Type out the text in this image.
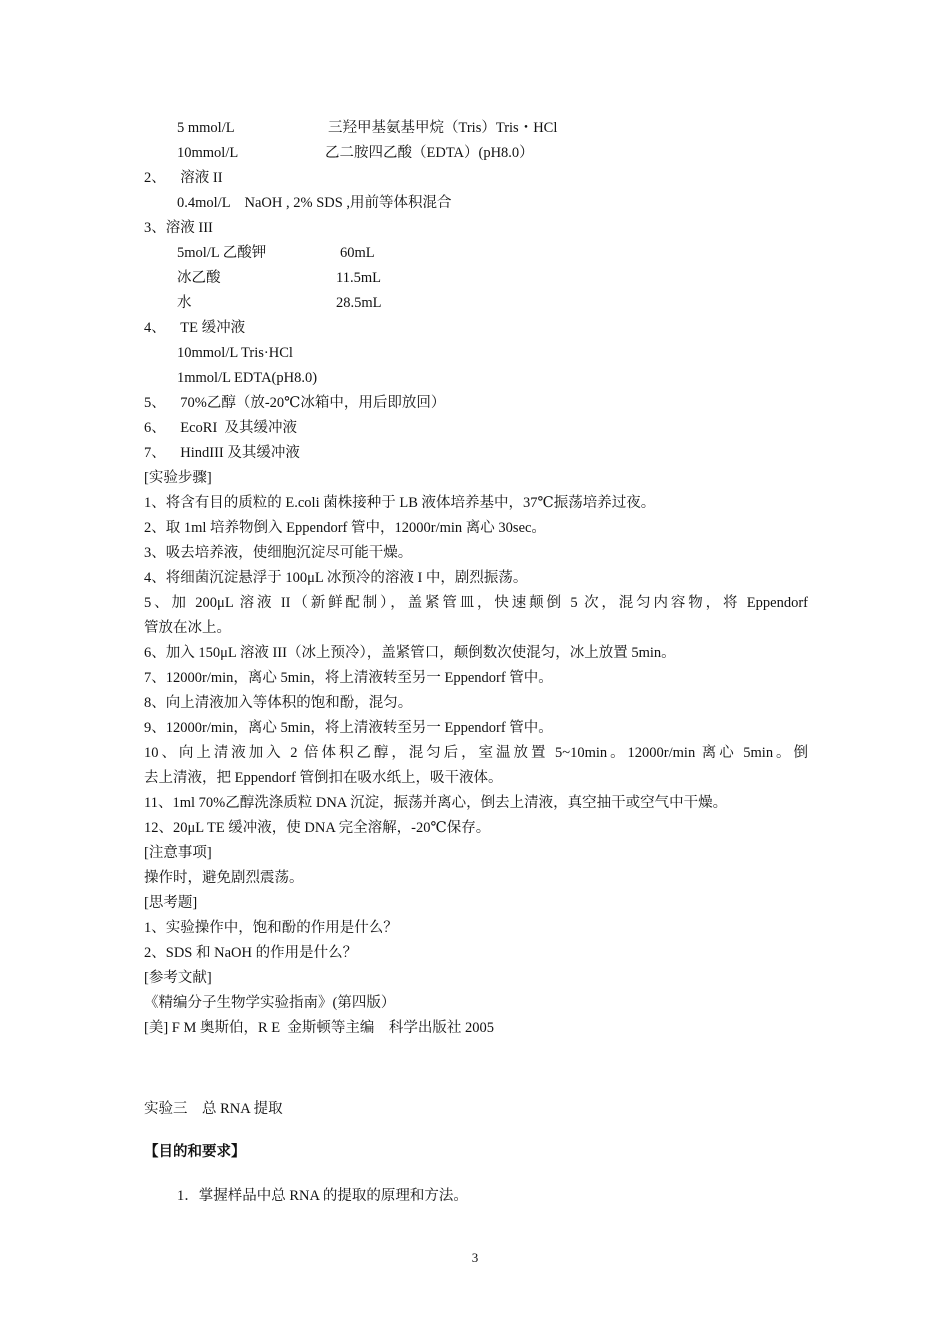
5 mmol/L	三羟甲基氨基甲烷（Tris）Tris・HCl
10mmol/L	乙二胺四乙酸（EDTA）(pH8.0）
2、    溶液 II
0.4mol/L    NaOH , 2% SDS ,用前等体积混合
3、溶液 III
5mol/L 乙酸钾	60mL
冰乙酸	11.5mL
水	28.5mL
4、    TE 缓冲液
10mmol/L Tris·HCl
1mmol/L EDTA(pH8.0)
5、    70%乙醇（放-20℃冰箱中，用后即放回）
6、    EcoRI  及其缓冲液
7、    HindIII 及其缓冲液
[实验步骤]
1、将含有目的质粒的 E.coli 菌株接种于 LB 液体培养基中，37℃振荡培养过夜。
2、取 1ml 培养物倒入 Eppendorf 管中，12000r/min 离心 30sec。
3、吸去培养液，使细胞沉淀尽可能干燥。
4、将细菌沉淀悬浮于 100μL 冰预冷的溶液 I 中，剧烈振荡。
5、加 200μL 溶液 II（新鲜配制），盖紧管皿，快速颠倒 5 次，混匀内容物，将 Eppendorf
管放在冰上。
6、加入 150μL 溶液 III（冰上预冷），盖紧管口，颠倒数次使混匀，冰上放置 5min。
7、12000r/min，离心 5min，将上清液转至另一 Eppendorf 管中。
8、向上清液加入等体积的饱和酚，混匀。
9、12000r/min，离心 5min，将上清液转至另一 Eppendorf 管中。
10、向上清液加入 2 倍体积乙醇，混匀后，室温放置 5~10min。12000r/min 离心 5min。倒
去上清液，把 Eppendorf 管倒扣在吸水纸上，吸干液体。
11、1ml 70%乙醇洗涤质粒 DNA 沉淀，振荡并离心，倒去上清液，真空抽干或空气中干燥。
12、20μL TE 缓冲液，使 DNA 完全溶解，-20℃保存。
[注意事项]
操作时，避免剧烈震荡。
[思考题]
1、实验操作中，饱和酚的作用是什么？
2、SDS 和 NaOH 的作用是什么？
[参考文献]
《精编分子生物学实验指南》(第四版）
[美] F M 奥斯伯，R E  金斯顿等主编    科学出版社 2005
实验三    总 RNA 提取
【目的和要求】
1．掌握样品中总 RNA 的提取的原理和方法。
3
